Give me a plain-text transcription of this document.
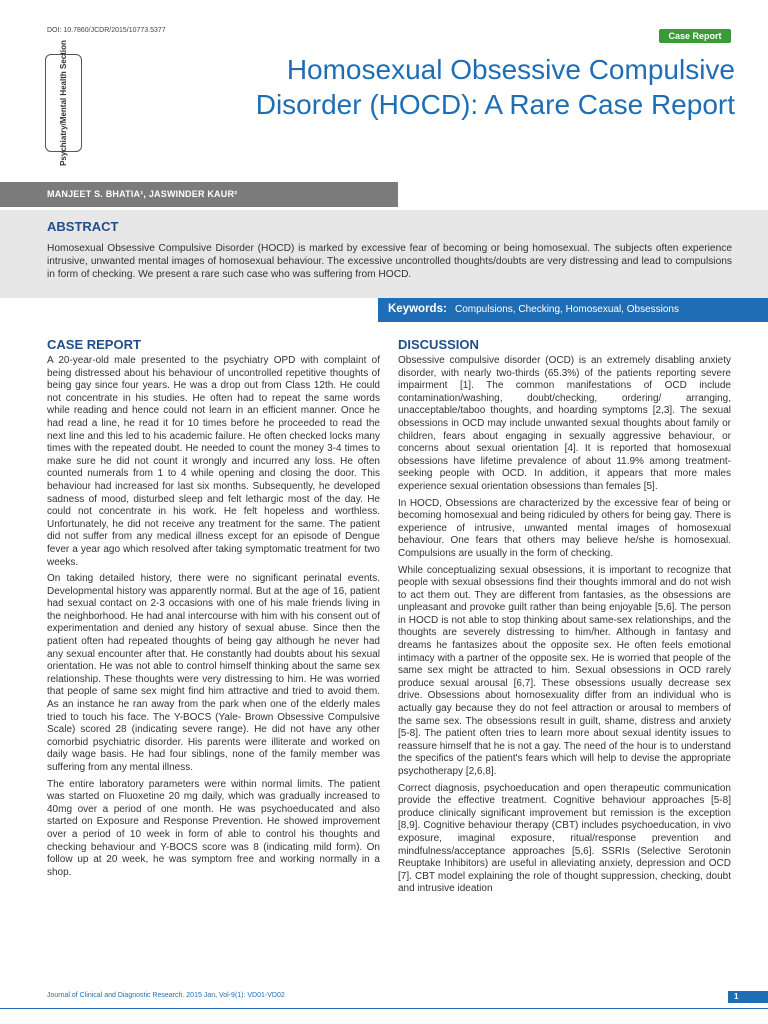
DOI: 10.7860/JCDR/2015/10773.5377
Case Report
Psychiatry/Mental Health Section	Homosexual Obsessive Compulsive Disorder (HOCD): A Rare Case Report
MANJEET S. BHATIA¹, JASWINDER KAUR²
ABSTRACT

Homosexual Obsessive Compulsive Disorder (HOCD) is marked by excessive fear of becoming or being homosexual. The subjects often experience intrusive, unwanted mental images of homosexual behaviour. The excessive uncontrolled thoughts/doubts are very distressing and lead to compulsions in form of checking. We present a rare such case who was suffering from HOCD.

Keywords: Compulsions, Checking, Homosexual, Obsessions
CASE REPORT

A 20-year-old male presented to the psychiatry OPD with complaint of being distressed about his behaviour of uncontrolled repetitive thoughts of being gay since four years. He was a drop out from Class 12th. He could not concentrate in his studies. He often had to repeat the same words while reading and hence could not learn in an efficient manner. Once he had read a line, he read it for 10 times before he proceeded to read the next line and this led to his academic failure. He often checked locks many times with the repeated doubt. He needed to count the money 3-4 times to make sure he did not count it wrongly and incurred any loss. He often counted numerals from 1 to 4 while opening and closing the door. This behaviour had increased for last six months. Subsequently, he developed sadness of mood, disturbed sleep and felt lethargic most of the day. He could not concentrate in his work. He felt hopeless and worthless. Unfortunately, he did not receive any treatment for the same. The patient did not suffer from any medical illness except for an episode of Dengue fever a year ago which resolved after taking symptomatic treatment for two weeks.

On taking detailed history, there were no significant perinatal events. Developmental history was apparently normal. But at the age of 16, patient had sexual contact on 2-3 occasions with one of his male friends living in the neighborhood. He had anal intercourse with him with his consent out of experimentation and denied any history of sexual abuse. Since then the patient often had repeated thoughts of being gay although he never had any sexual encounter after that. He constantly had doubts about his sexual orientation. He was not able to control himself thinking about the same sex relationship. These thoughts were very distressing to him. He was worried that people of same sex might find him attractive and tried to avoid them. As an instance he ran away from the park when one of the elderly males tried to touch his face. The Y-BOCS (Yale- Brown Obsessive Compulsive Scale) scored 28 (indicating severe range). He did not have any other comorbid psychiatric disorder. His parents were illiterate and worked on daily wage basis. He had four siblings, none of the family member was suffering from any mental illness.

The entire laboratory parameters were within normal limits. The patient was started on Fluoxetine 20 mg daily, which was gradually increased to 40mg over a period of one month. He was psychoeducated and also started on Exposure and Response Prevention. He showed improvement over a period of 10 week in form of able to control his thoughts and checking behaviour and Y-BOCS score was 8 (indicating mild form). On follow up at 20 week, he was symptom free and working normally in a shop.

DISCUSSION

Obsessive compulsive disorder (OCD) is an extremely disabling anxiety disorder, with nearly two-thirds (65.3%) of the patients reporting severe impairment [1]. The common manifestations of OCD include contamination/washing, doubt/checking, ordering/ arranging, unacceptable/taboo thoughts, and hoarding symptoms [2,3]. The sexual obsessions in OCD may include unwanted sexual thoughts about family or children, fears about engaging in sexually aggressive behaviour, or concerns about sexual orientation [4]. It is reported that homosexual obsessions have lifetime prevalence of about 11.9% among treatment-seeking people with OCD. In addition, it appears that more males experience sexual orientation obsessions than females [5].

In HOCD, Obsessions are characterized by the excessive fear of being or becoming homosexual and being ridiculed by others for being gay. There is experience of intrusive, unwanted mental images of homosexual behaviour. One fears that others may believe he/she is homosexual. Compulsions are usually in the form of checking.

While conceptualizing sexual obsessions, it is important to recognize that people with sexual obsessions find their thoughts immoral and do not wish to act them out. They are different from fantasies, as the obsessions are unpleasant and provoke guilt rather than being enjoyable [5,6]. The person in HOCD is not able to stop thinking about same-sex relationships, and the thoughts are severely distressing to him/her. Although in fantasy and dreams he fantasizes about the opposite sex. He often feels emotional intimacy with a partner of the opposite sex. He is worried that people of the same sex might be attracted to him. Sexual obsessions in OCD rarely produce sexual arousal [6,7]. These obsessions usually decrease sex drive. Obsessions about homosexuality differ from an individual who is actually gay because they do not feel attraction or arousal to members of the same sex. The obsessions result in guilt, shame, distress and anxiety [5-8]. The patient often tries to learn more about sexual identity issues to reassure himself that he is not a gay. The need of the hour is to understand the specifics of the patient's fears which will help to devise the appropriate psychotherapy [2,6,8].

Correct diagnosis, psychoeducation and open therapeutic communication provide the effective treatment. Cognitive behaviour approaches [5-8] produce clinically significant improvement but remission is the exception [8,9]. Cognitive behaviour therapy (CBT) includes psychoeducation, in vivo exposure, imaginal exposure, ritual/response prevention and mindfulness/acceptance approaches [5,6]. SSRIs (Selective Serotonin Reuptake Inhibitors) are useful in alleviating anxiety, depression and OCD [7]. CBT model explaining the role of thought suppression, checking, doubt and intrusive ideation

Journal of Clinical and Diagnostic Research. 2015 Jan, Vol-9(1): VD01-VD02	1
